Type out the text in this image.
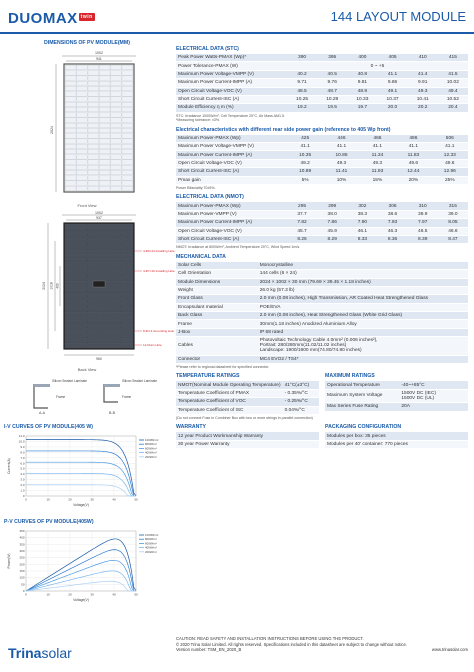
DUOMAX twin	144 LAYOUT MODULE
DIMENSIONS OF PV MODULE(MM)
1002
941
2024
Front View
1002
937
2024 1018 400
4-Φ9×14 Installing Hole
4-Φ7×10 Installing Hole
8-Φ4.3 Grounding Hole
12-Drain Hole
960
Back View
Silicon Sealant Laminate
A-A
Silicon Sealant Laminate
Frame
Frame
B-B
I-V CURVES OF PV MODULE(405 W)
0
1.0
2.0
3.0
4.0
5.0
6.0
7.0
8.0
9.0
10.0
11.0
0	10	20	30	40	50
Current(A)
Voltage(V)
1000W/m²
800W/m²
600W/m²
400W/m²
200W/m²
P-V CURVES OF PV MODULE(405W)
0
50
100
150
200
250
300
350
400
450
0	10	20	30	40	50
Power(W)
Voltage(V)
1000W/m²
800W/m²
600W/m²
400W/m²
200W/m²
ELECTRICAL DATA (STC)
Peak Power Watts-PMAX (Wp)*	390	395	400	405	410	415
Power Tolerance-PMAX (W)	0 ~ +5					
Maximum Power Voltage-VMPP (V)	40.2	40.5	40.8	41.1	41.4	41.5
Maximum Power Current-IMPP (A)	9.71	9.76	9.81	9.86	9.91	10.02
Open Circuit Voltage-VOC (V)	48.5	48.7	48.9	49.1	49.3	49.4
Short Circuit Current-ISC (A)	10.25	10.29	10.33	10.37	10.41	10.52
Module Efficiency η m (%)	19.2	19.5	19.7	20.0	20.2	20.4
STC: Irradiance 1000W/m², Cell Temperature 25°C, Air Mass AM1.5.
*Measuring tolerance: ±3%.
Electrical characteristics with different rear side power gain (reference to 405 Wp front)
Maximum Power-PMAX (Wp)	425	446	466	486	506
Maximum Power Voltage-VMPP (V)	41.1	41.1	41.1	41.1	41.1
Maximum Power Current-IMPP (A)	10.35	10.85	11.34	11.83	12.33
Open Circuit Voltage-VOC (V)	49.2	49.3	49.3	49.6	49.6
Short Circuit Current-ISC (A)	10.89	11.41	11.93	12.44	12.96
Pmax gain	5%	10%	15%	20%	25%
Power Bifaciality:70±5%.
ELECTRICAL DATA (NMOT)
Maximum Power-PMAX (Wp)	295	299	302	306	310	315
Maximum Power-VMPP (V)	37.7	38.0	38.3	38.6	38.9	39.0
Maximum Power Current-IMPP (A)	7.82	7.86	7.90	7.93	7.97	8.05
Open Circuit Voltage-VOC (V)	45.7	45.9	46.1	46.3	46.5	46.6
Short Circuit Current-ISC (A)	8.26	8.29	8.33	8.36	8.39	8.47
NMOT: Irradiance at 800W/m², Ambient Temperature 20°C, Wind Speed 1m/s.
MECHANICAL DATA
Solar Cells	Monocrystalline
Cell Orientation	144 cells (6 × 24)
Module Dimensions	2024 × 1002 × 30 mm (79.69 × 39.45 × 1.18 inches)
Weight	26.0 kg (57.3 lb)
Front Glass	2.0 mm (0.08 inches), High Transmission, AR Coated Heat Strengthened Glass
Encapsulant material	POE/EVA
Back Glass	2.0 mm (0.08 inches), Heat Strengthened Glass (White Grid Glass)
Frame	30mm(1.18 inches) Anodized Aluminium Alloy
J-Box	IP 68 rated
Cables	Photovoltaic Technology Cable 4.0mm² (0.006 inches²),
Portrait: 280/280mm(11.02/11.02 inches)
Landscape: 1900/1900 mm(74.80/74.80 inches)
Connector	MC4 EVO2 / TS4*
*Please refer to regional datasheet for specified connector.
TEMPERATURE RATINGS
NMOT(Nominal Module Operating Temperature)	41°C(±3°C)
Temperature Coefficient of PMAX	- 0.35%/°C
Temperature Coefficient of VOC	- 0.25%/°C
Temperature Coefficient of ISC	0.04%/°C
MAXIMUM RATINGS
Operational Temperature	-40~+85°C
Maximum System Voltage	1500V DC (IEC)
1500V DC (UL)
Max Series Fuse Rating	20A
(Do not connect Fuse in Combiner Box with two or more strings in parallel connection)
WARRANTY
12 year Product Workmanship Warranty
30 year Power Warranty
PACKAGING CONFIGURATION
Modules per box: 35 pieces
Modules per 40' container: 770 pieces
Trinasolar
CAUTION: READ SAFETY AND INSTALLATION INSTRUCTIONS BEFORE USING THE PRODUCT.
© 2020 Trina Solar Limited. All rights reserved. Specifications included in this datasheet are subject to change without notice.
Version number: TSM_EN_2020_B	www.trinasolar.com
